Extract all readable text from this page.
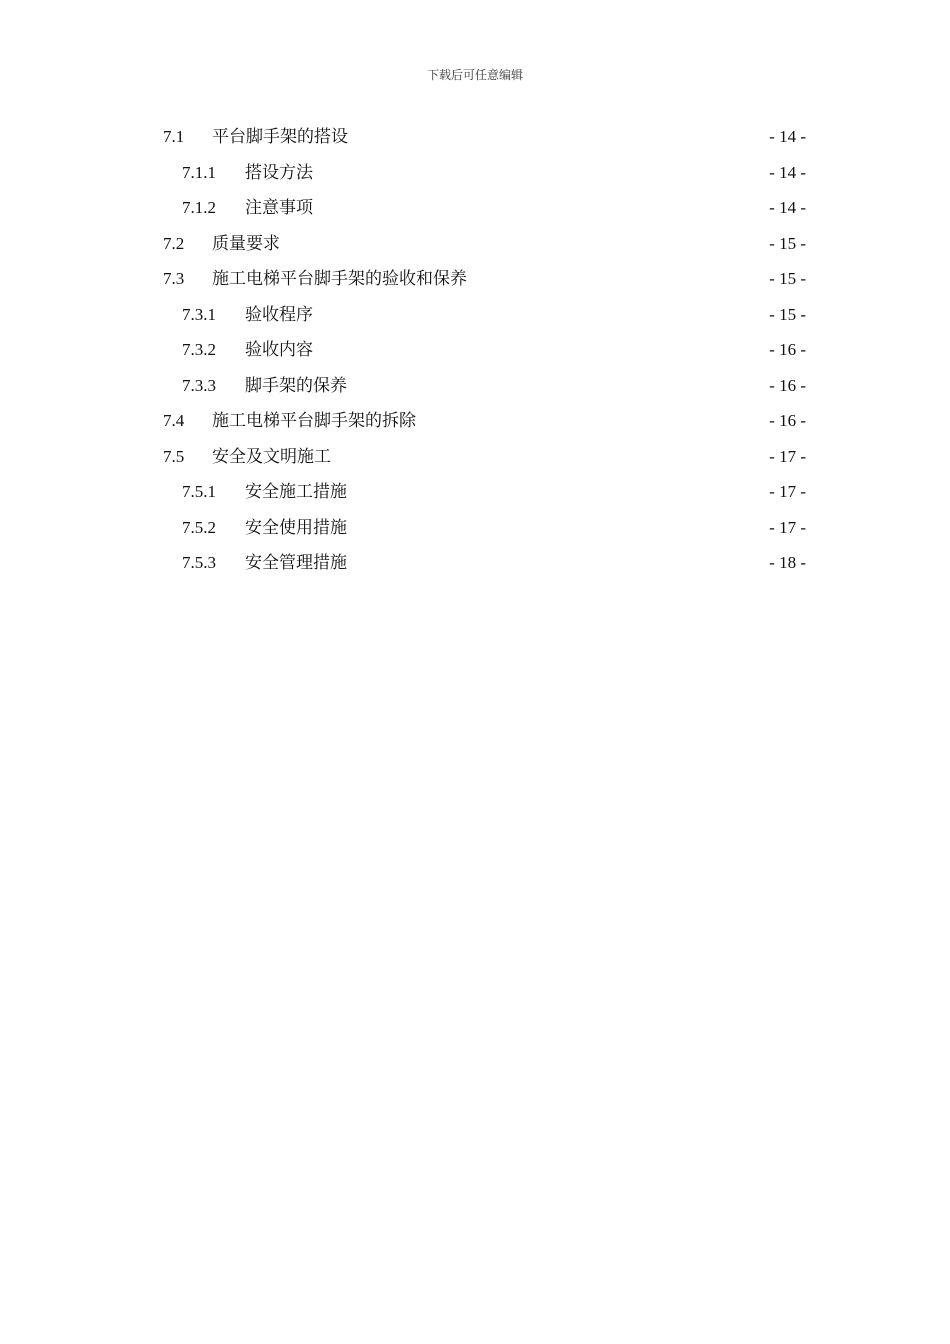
下载后可任意编辑
7.1	平台脚手架的搭设	- 14 -
7.1.1	搭设方法	- 14 -
7.1.2	注意事项	- 14 -
7.2	质量要求	- 15 -
7.3	施工电梯平台脚手架的验收和保养	- 15 -
7.3.1	验收程序	- 15 -
7.3.2	验收内容	- 16 -
7.3.3	脚手架的保养	- 16 -
7.4	施工电梯平台脚手架的拆除	- 16 -
7.5	安全及文明施工	- 17 -
7.5.1	安全施工措施	- 17 -
7.5.2	安全使用措施	- 17 -
7.5.3	安全管理措施	- 18 -
